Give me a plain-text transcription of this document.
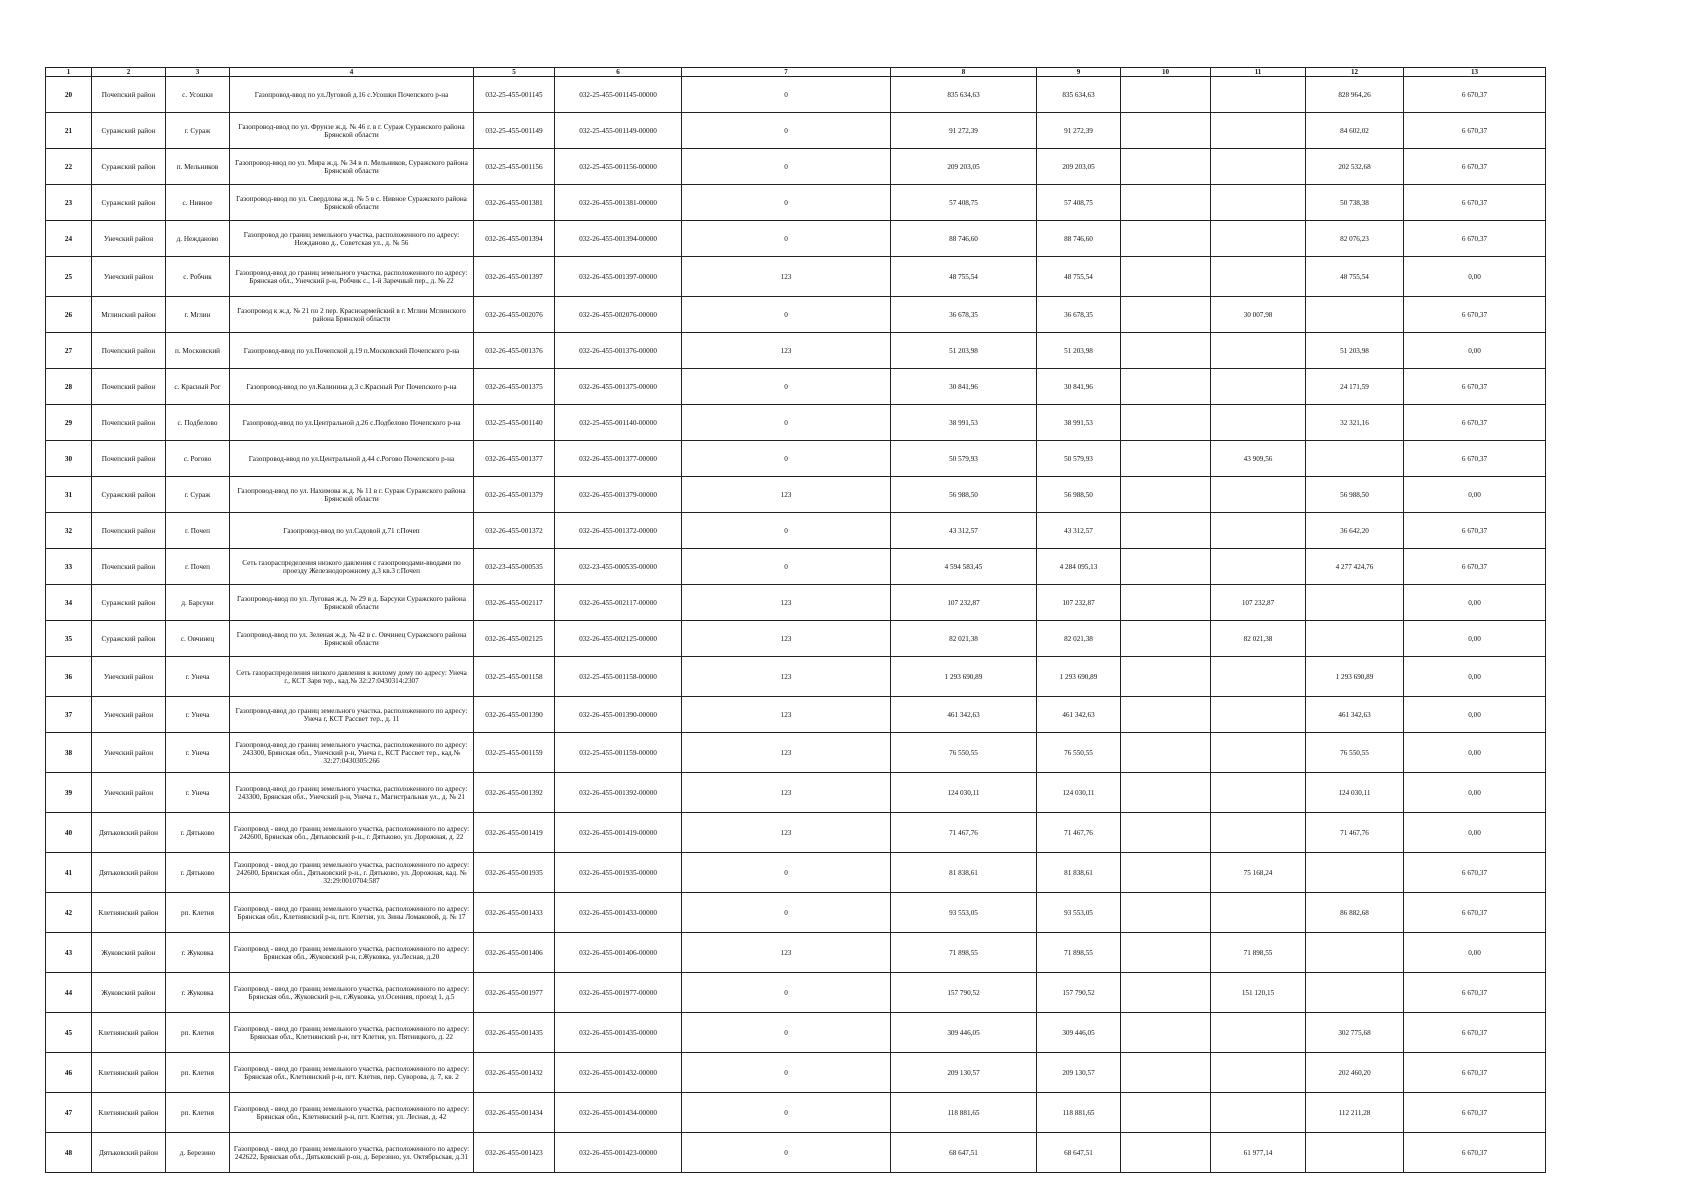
1	2	3	4	5	6	7	8	9	10	11	12	13
20	Почепский район	с. Усошки	Газопровод-ввод по ул.Луговой д.16 с.Усошки Почепского р-на	032-25-455-001145	032-25-455-001145-00000	0	835 634,63	835 634,63			828 964,26	6 670,37
21	Суражский район	г. Сураж	Газопровод-ввод по ул. Фрунзе ж.д. № 46 г. в г. Сураж Суражского района Брянской области	032-25-455-001149	032-25-455-001149-00000	0	91 272,39	91 272,39			84 602,02	6 670,37
22	Суражский район	п. Мельников	Газопровод-ввод по ул. Мира ж.д. № 34 в п. Мельников, Суражского района Брянской области	032-25-455-001156	032-25-455-001156-00000	0	209 203,05	209 203,05			202 532,68	6 670,37
23	Суражский район	с. Нивное	Газопровод-ввод по ул. Свердлова ж.д. № 5 в с. Нивное Суражского района Брянской области	032-26-455-001381	032-26-455-001381-00000	0	57 408,75	57 408,75			50 738,38	6 670,37
24	Унечский район	д. Нежданово	Газопровод до границ земельного участка, расположенного по адресу: Нежданово д., Советская ул., д. № 56	032-26-455-001394	032-26-455-001394-00000	0	88 746,60	88 746,60			82 076,23	6 670,37
25	Унечский район	с. Робчик	Газопровод-ввод до границ земельного участка, расположенного по адресу: Брянская обл., Унечский р-н, Робчик с., 1-й Заречный пер., д. № 22	032-26-455-001397	032-26-455-001397-00000	123	48 755,54	48 755,54			48 755,54	0,00
26	Мглинский район	г. Мглин	Газопровод к ж.д. № 21 по 2 пер. Красноармейский в г. Мглин Мглинского района Брянской области	032-26-455-002076	032-26-455-002076-00000	0	36 678,35	36 678,35		30 007,98		6 670,37
27	Почепский район	п. Московский	Газопровод-ввод по ул.Почепской д.19 п.Московский Почепского р-на	032-26-455-001376	032-26-455-001376-00000	123	51 203,98	51 203,98			51 203,98	0,00
28	Почепский район	с. Красный Рог	Газопровод-ввод по ул.Калинина д.3 с.Красный Рог Почепского р-на	032-26-455-001375	032-26-455-001375-00000	0	30 841,96	30 841,96			24 171,59	6 670,37
29	Почепский район	с. Подбелово	Газопровод-ввод по ул.Центральной д.26 с.Подбелово Почепского р-на	032-25-455-001140	032-25-455-001140-00000	0	38 991,53	38 991,53			32 321,16	6 670,37
30	Почепский район	с. Рогово	Газопровод-ввод по ул.Центральной д.44 с.Рогово Почепского р-на	032-26-455-001377	032-26-455-001377-00000	0	50 579,93	50 579,93		43 909,56		6 670,37
31	Суражский район	г. Сураж	Газопровод-ввод по ул. Нахимова ж.д. № 11 в г. Сураж Суражского района Брянской области	032-26-455-001379	032-26-455-001379-00000	123	56 988,50	56 988,50			56 988,50	0,00
32	Почепский район	г. Почеп	Газопровод-ввод по ул.Садовой д.71 г.Почеп	032-26-455-001372	032-26-455-001372-00000	0	43 312,57	43 312,57			36 642,20	6 670,37
33	Почепский район	г. Почеп	Сеть газораспределения низкого давления с газопроводами-вводами по проезду Железнодорожному д.3 кв.3 г.Почеп	032-23-455-000535	032-23-455-000535-00000	0	4 594 583,45	4 284 095,13			4 277 424,76	6 670,37
34	Суражский район	д. Барсуки	Газопровод-ввод по ул. Луговая ж.д. № 29 в д. Барсуки Суражского района Брянской области	032-26-455-002117	032-26-455-002117-00000	123	107 232,87	107 232,87		107 232,87		0,00
35	Суражский район	с. Овчинец	Газопровод-ввод по ул. Зеленая ж.д. № 42 в с. Овчинец Суражского района Брянской области	032-26-455-002125	032-26-455-002125-00000	123	82 021,38	82 021,38		82 021,38		0,00
36	Унечский район	г. Унеча	Сеть газораспределения низкого давления к жилому дому по адресу: Унеча г., КСТ Заря тер., кад.№ 32:27:0430314:2307	032-25-455-001158	032-25-455-001158-00000	123	1 293 690,89	1 293 690,89			1 293 690,89	0,00
37	Унечский район	г. Унеча	Газопровод-ввод до границ земельного участка, расположенного по адресу: Унеча г, КСТ Рассвет тер., д. 11	032-26-455-001390	032-26-455-001390-00000	123	461 342,63	461 342,63			461 342,63	0,00
38	Унечский район	г. Унеча	Газопровод-ввод до границ земельного участка, расположенного по адресу: 243300, Брянская обл., Унечский р-н, Унеча г., КСТ Рассвет тер., кад.№ 32:27:0430305:266	032-25-455-001159	032-25-455-001159-00000	123	76 550,55	76 550,55			76 550,55	0,00
39	Унечский район	г. Унеча	Газопровод-ввод до границ земельного участка, расположенного по адресу: 243300, Брянская обл., Унечский р-н, Унеча г., Магистральная ул., д. № 21	032-26-455-001392	032-26-455-001392-00000	123	124 030,11	124 030,11			124 030,11	0,00
40	Дятьковский район	г. Дятьково	Газопровод - ввод до границ земельного участка, расположенного по адресу: 242600, Брянская обл., Дятьковский р-н., г. Дятьково, ул. Дорожная, д. 22	032-26-455-001419	032-26-455-001419-00000	123	71 467,76	71 467,76			71 467,76	0,00
41	Дятьковский район	г. Дятьково	Газопровод - ввод до границ земельного участка, расположенного по адресу: 242600, Брянская обл., Дятьковский р-н., г. Дятьково, ул. Дорожная, кад. № 32:29:0010704:587	032-26-455-001935	032-26-455-001935-00000	0	81 838,61	81 838,61		75 168,24		6 670,37
42	Клетнянский район	рп. Клетня	Газопровод - ввод до границ земельного участка, расположенного по адресу: Брянская обл., Клетнянский р-н, пгт. Клетня, ул. Зины Ломаковой, д. № 17	032-26-455-001433	032-26-455-001433-00000	0	93 553,05	93 553,05			86 882,68	6 670,37
43	Жуковский район	г. Жуковка	Газопровод - ввод до границ земельного участка, расположенного по адресу: Брянская обл., Жуковский р-н, г.Жуковка, ул.Лесная, д.20	032-26-455-001406	032-26-455-001406-00000	123	71 898,55	71 898,55		71 898,55		0,00
44	Жуковский район	г. Жуковка	Газопровод - ввод до границ земельного участка, расположенного по адресу: Брянская обл., Жуковский р-н, г.Жуковка, ул.Осенняя, проезд 1, д.5	032-26-455-001977	032-26-455-001977-00000	0	157 790,52	157 790,52		151 120,15		6 670,37
45	Клетнянский район	рп. Клетня	Газопровод - ввод до границ земельного участка, расположенного по адресу: Брянская обл., Клетнянский р-н, пгт Клетня, ул. Пятницкого, д. 22	032-26-455-001435	032-26-455-001435-00000	0	309 446,05	309 446,05			302 775,68	6 670,37
46	Клетнянский район	рп. Клетня	Газопровод - ввод до границ земельного участка, расположенного по адресу: Брянская обл., Клетнянский р-н, пгт. Клетня, пер. Суворова, д. 7, кв. 2	032-26-455-001432	032-26-455-001432-00000	0	209 130,57	209 130,57			202 460,20	6 670,37
47	Клетнянский район	рп. Клетня	Газопровод - ввод до границ земельного участка, расположенного по адресу: Брянская обл., Клетнянский р-н, пгт. Клетня, ул. Лесная, д. 42	032-26-455-001434	032-26-455-001434-00000	0	118 881,65	118 881,65			112 211,28	6 670,37
48	Дятьковский район	д. Березино	Газопровод - ввод до границ земельного участка, расположенного по адресу: 242622, Брянская обл., Дятьковский р-он, д. Березино, ул. Октябрьская, д.31	032-26-455-001423	032-26-455-001423-00000	0	68 647,51	68 647,51		61 977,14		6 670,37
